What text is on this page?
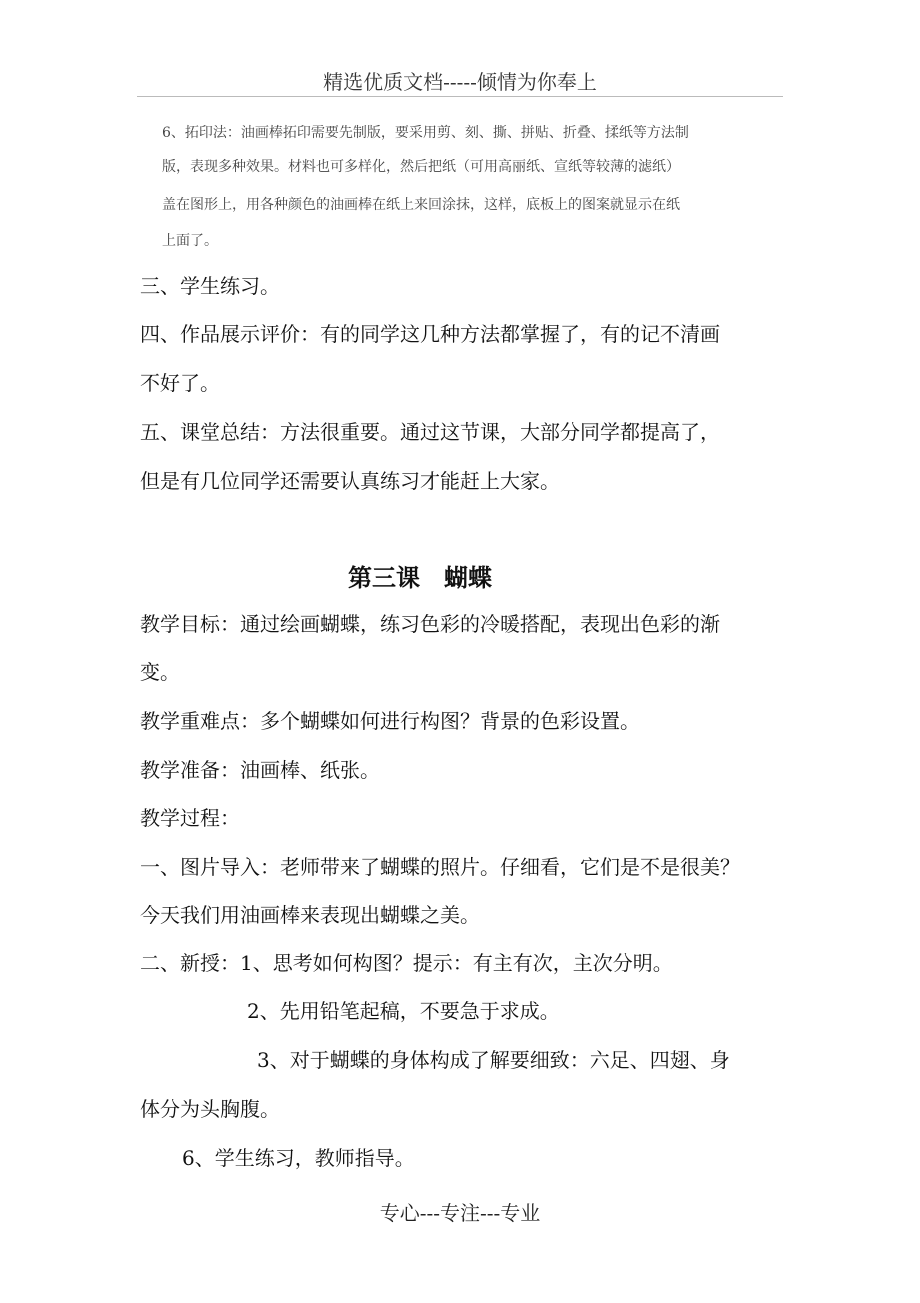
精选优质文档-----倾情为你奉上
6、拓印法：油画棒拓印需要先制版，要采用剪、刻、撕、拼贴、折叠、揉纸等方法制
版，表现多种效果。材料也可多样化，然后把纸（可用高丽纸、宣纸等较薄的滤纸）
盖在图形上，用各种颜色的油画棒在纸上来回涂抹，这样，底板上的图案就显示在纸
上面了。
三、学生练习。
四、作品展示评价：有的同学这几种方法都掌握了，有的记不清画
不好了。
五、课堂总结：方法很重要。通过这节课，大部分同学都提高了，
但是有几位同学还需要认真练习才能赶上大家。
第三课　蝴蝶
教学目标：通过绘画蝴蝶，练习色彩的冷暖搭配，表现出色彩的渐
变。
教学重难点：多个蝴蝶如何进行构图？背景的色彩设置。
教学准备：油画棒、纸张。
教学过程：
一、图片导入：老师带来了蝴蝶的照片。仔细看，它们是不是很美？
今天我们用油画棒来表现出蝴蝶之美。
二、新授：1、思考如何构图？提示：有主有次，主次分明。
2、先用铅笔起稿，不要急于求成。
3、对于蝴蝶的身体构成了解要细致：六足、四翅、身
体分为头胸腹。
6、学生练习，教师指导。
专心---专注---专业
